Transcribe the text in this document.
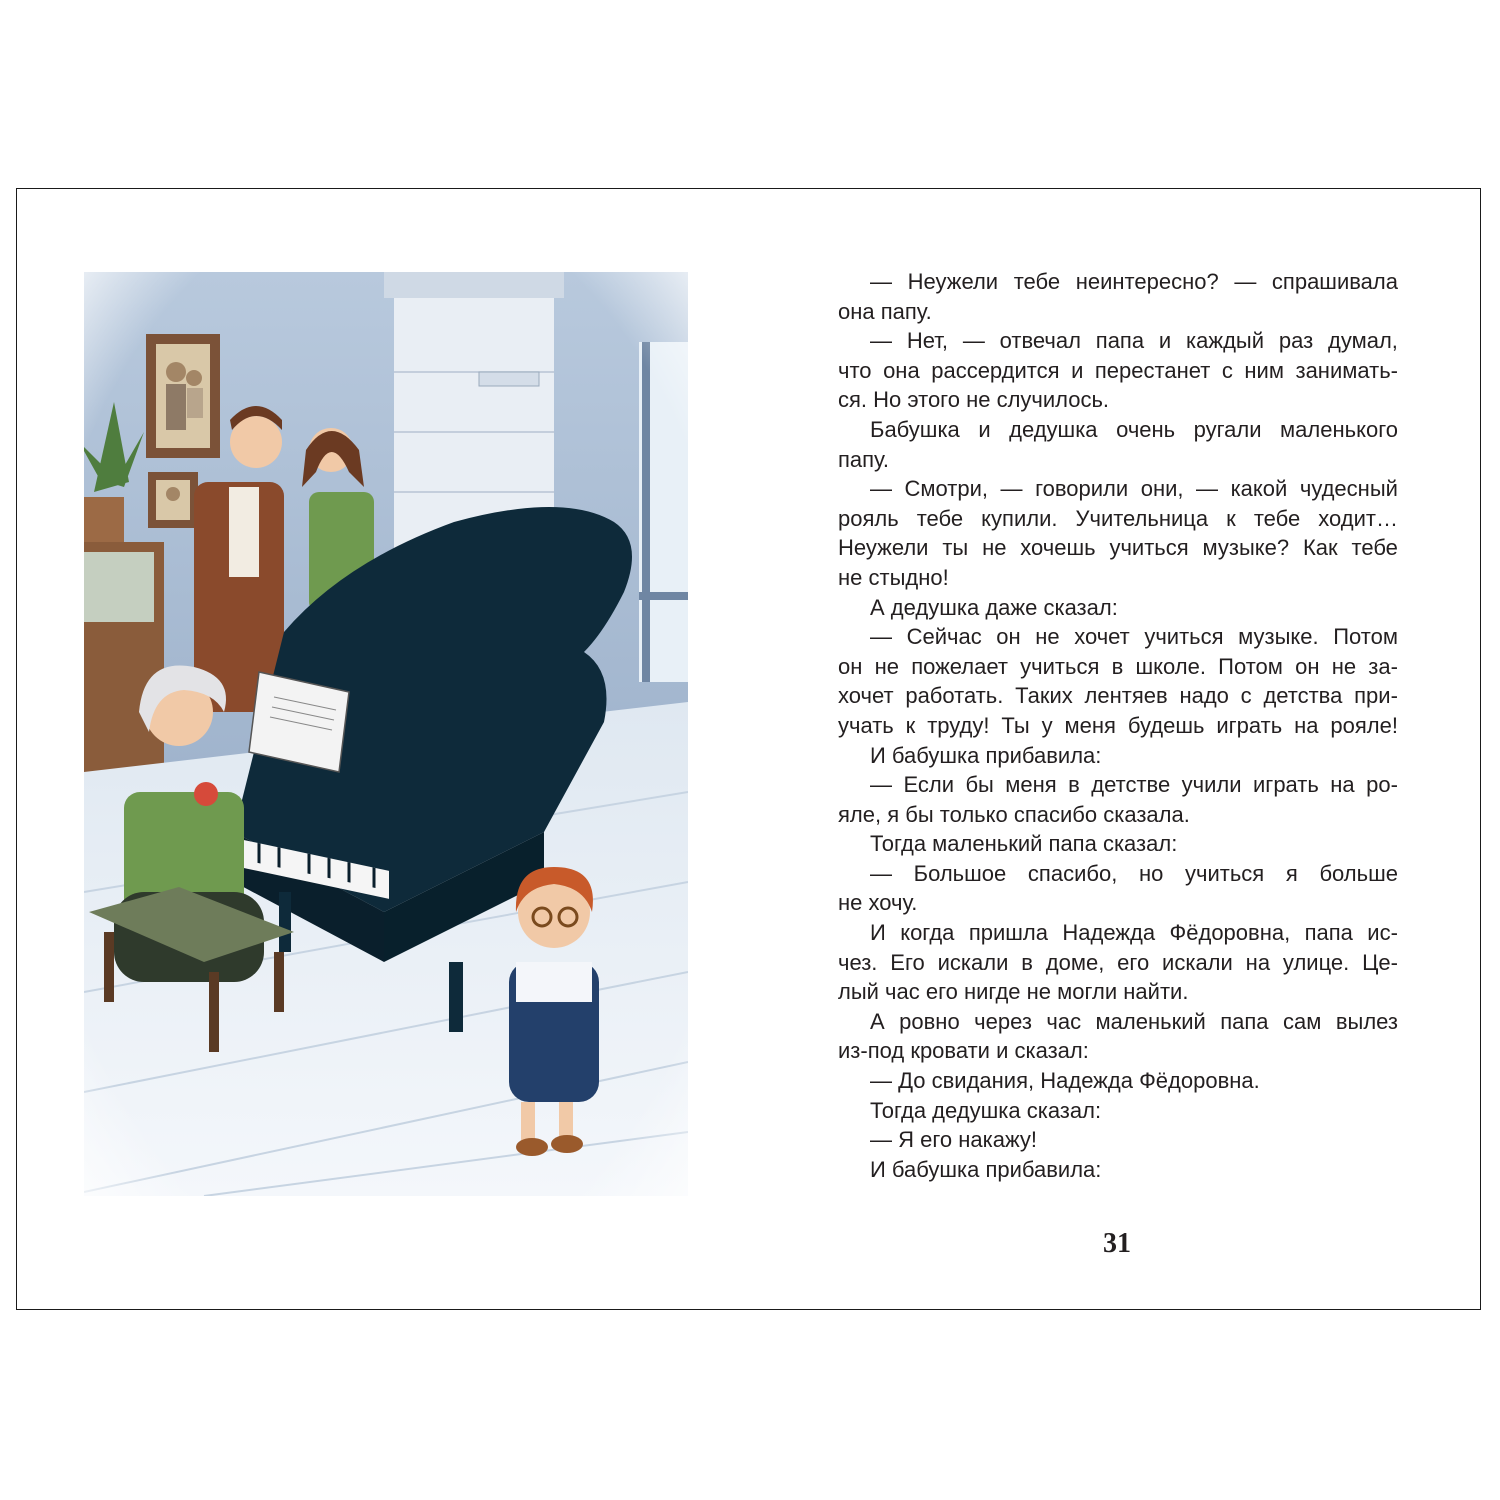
— Неужели тебе неинтересно? — спрашивала
она папу.
— Нет, — отвечал папа и каждый раз думал,
что она рассердится и перестанет с ним занимать-
ся. Но этого не случилось.
Бабушка и дедушка очень ругали маленького
папу.
— Смотри, — говорили они, — какой чудесный
рояль тебе купили. Учительница к тебе ходит…
Неужели ты не хочешь учиться музыке? Как тебе
не стыдно!
А дедушка даже сказал:
— Сейчас он не хочет учиться музыке. Потом
он не пожелает учиться в школе. Потом он не за-
хочет работать. Таких лентяев надо с детства при-
учать к труду! Ты у меня будешь играть на рояле!
И бабушка прибавила:
— Если бы меня в детстве учили играть на ро-
яле, я бы только спасибо сказала.
Тогда маленький папа сказал:
— Большое спасибо, но учиться я больше
не хочу.
И когда пришла Надежда Фёдоровна, папа ис-
чез. Его искали в доме, его искали на улице. Це-
лый час его нигде не могли найти.
А ровно через час маленький папа сам вылез
из-под кровати и сказал:
— До свидания, Надежда Фёдоровна.
Тогда дедушка сказал:
— Я его накажу!
И бабушка прибавила:
31
